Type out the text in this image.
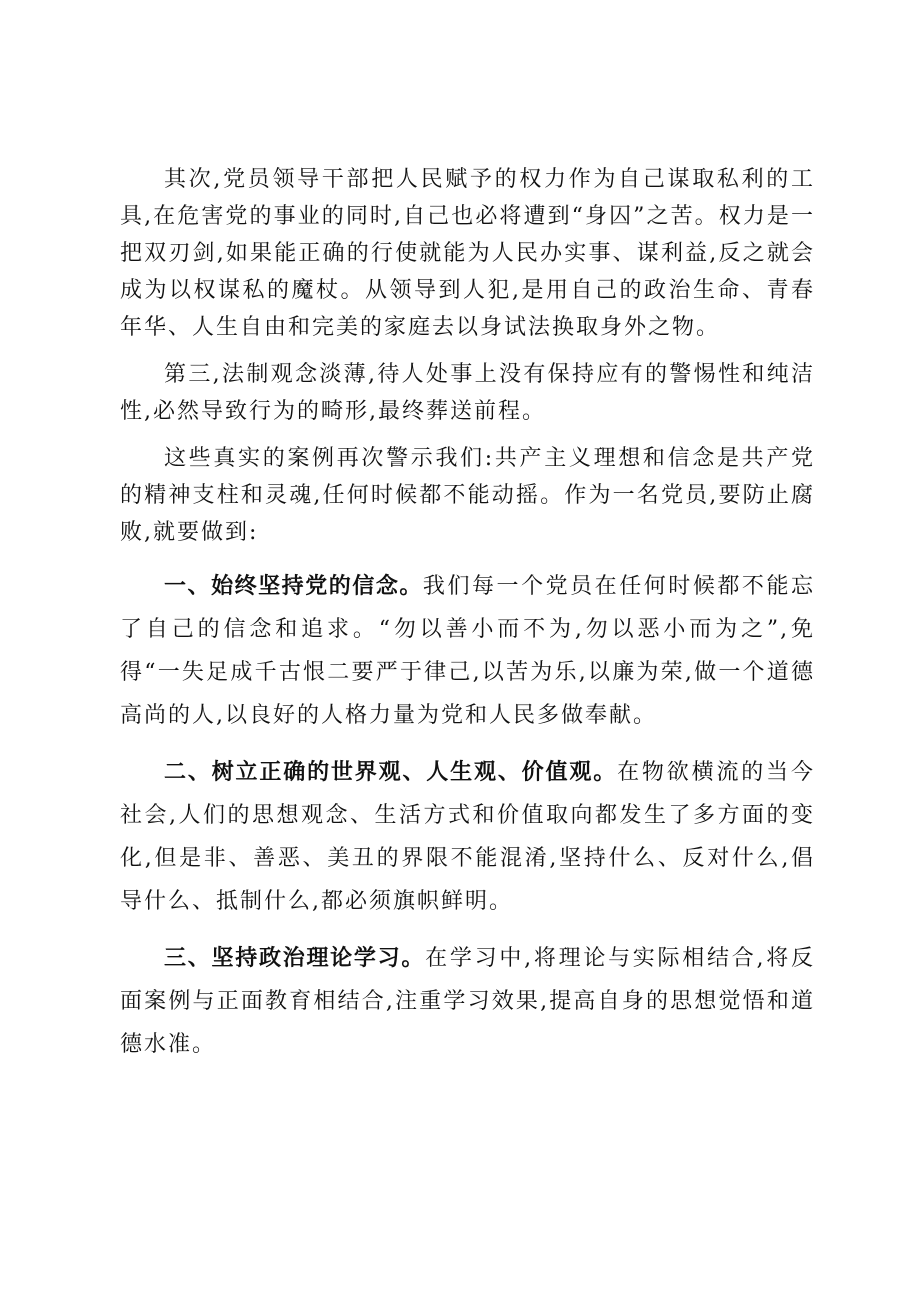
其次,党员领导干部把人民赋予的权力作为自己谋取私利的工具,在危害党的事业的同时,自己也必将遭到“身囚”之苦。权力是一把双刃剑,如果能正确的行使就能为人民办实事、谋利益,反之就会成为以权谋私的魔杖。从领导到人犯,是用自己的政治生命、青春年华、人生自由和完美的家庭去以身试法换取身外之物。

第三,法制观念淡薄,待人处事上没有保持应有的警惕性和纯洁性,必然导致行为的畸形,最终葬送前程。

这些真实的案例再次警示我们:共产主义理想和信念是共产党的精神支柱和灵魂,任何时候都不能动摇。作为一名党员,要防止腐败,就要做到:

一、始终坚持党的信念。我们每一个党员在任何时候都不能忘了自己的信念和追求。“勿以善小而不为,勿以恶小而为之”,免得“一失足成千古恨二要严于律己,以苦为乐,以廉为荣,做一个道德高尚的人,以良好的人格力量为党和人民多做奉献。

二、树立正确的世界观、人生观、价值观。在物欲横流的当今社会,人们的思想观念、生活方式和价值取向都发生了多方面的变化,但是非、善恶、美丑的界限不能混淆,坚持什么、反对什么,倡导什么、抵制什么,都必须旗帜鲜明。

三、坚持政治理论学习。在学习中,将理论与实际相结合,将反面案例与正面教育相结合,注重学习效果,提高自身的思想觉悟和道德水准。
